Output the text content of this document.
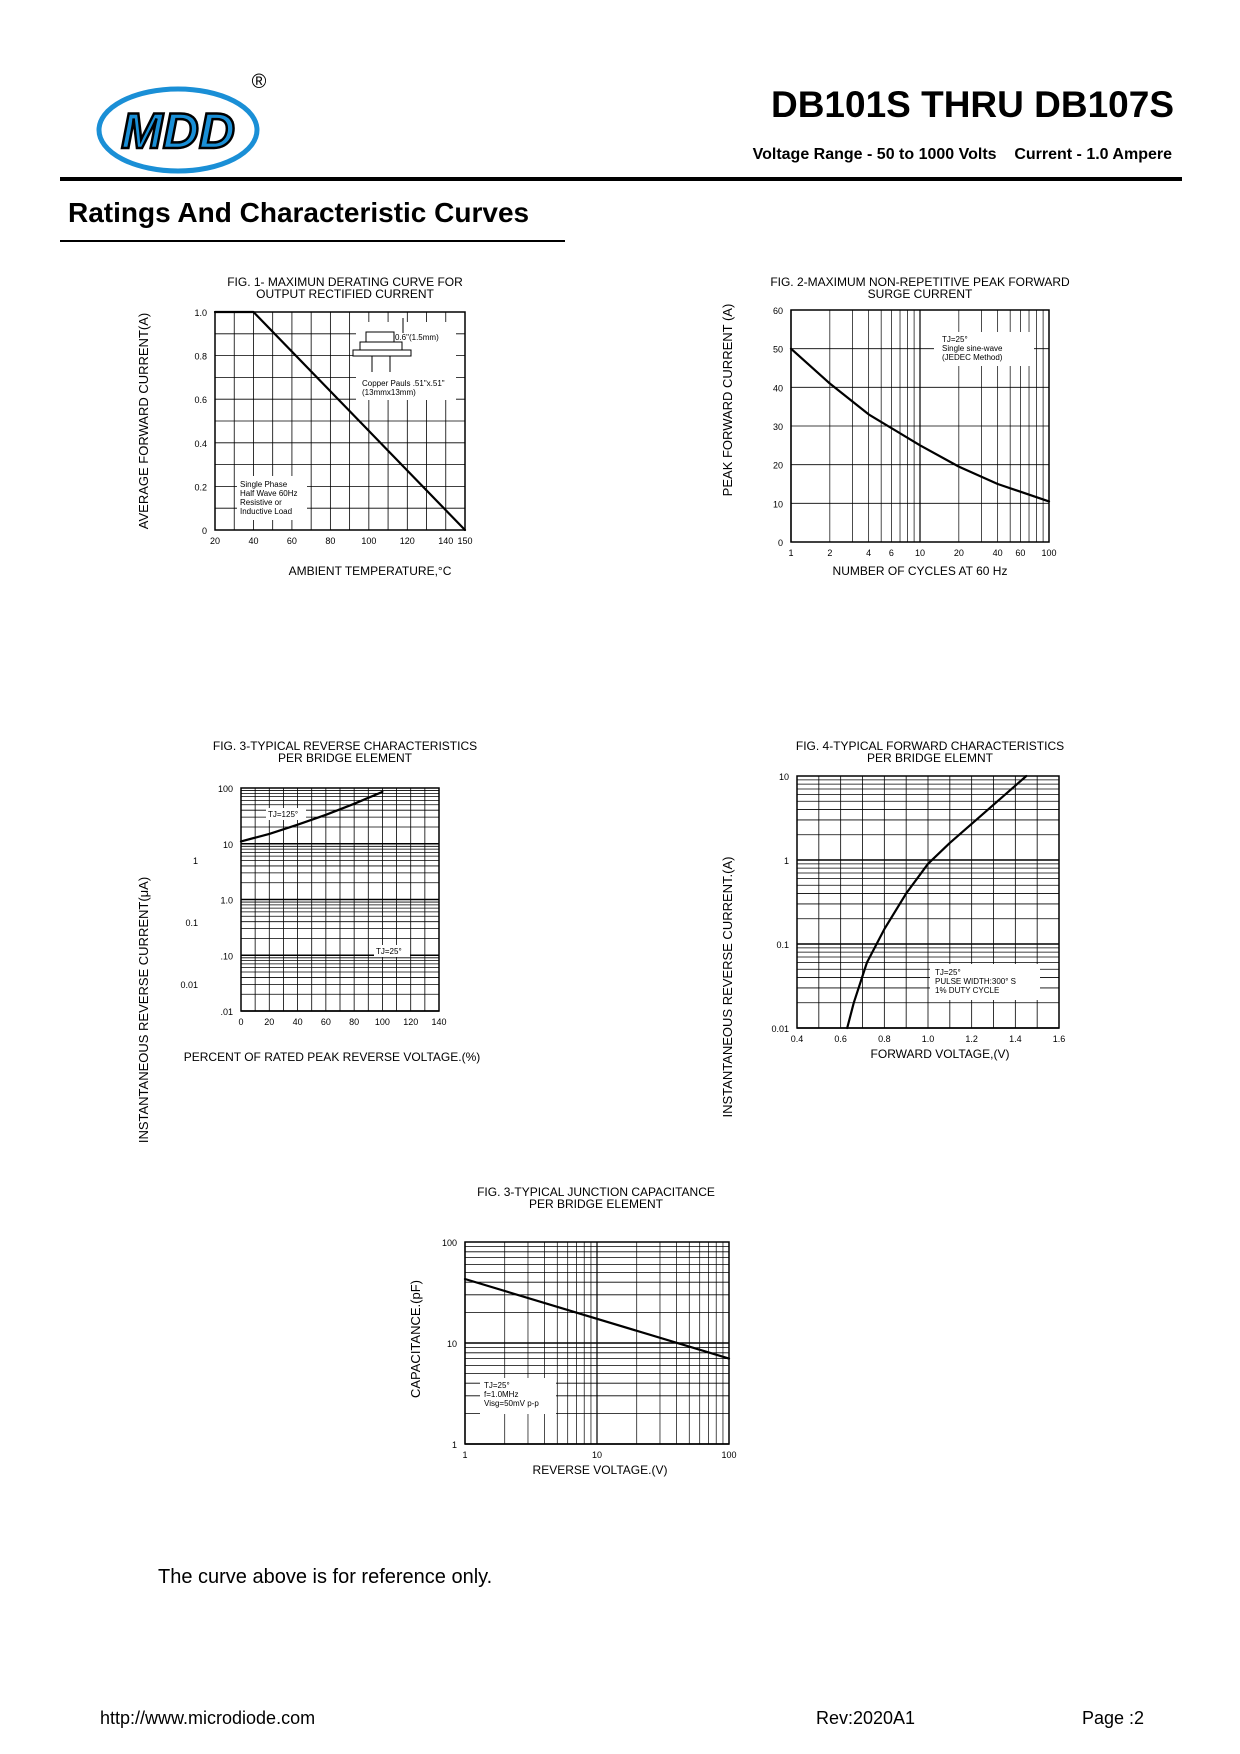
MDD
®
DB101S THRU DB107S
Voltage Range - 50 to 1000 Volts Current - 1.0 Ampere
Ratings And Characteristic Curves
FIG. 1- MAXIMUN DERATING CURVE FOR
OUTPUT RECTIFIED CURRENT
AMBIENT TEMPERATURE,°C
AVERAGE FORWARD CURRENT(A)
20	40	60	80	100	120	140 150
0
0.2
0.4
0.6
0.8
1.0
Single Phase
Half Wave 60Hz
Resistive or
Inductive Load
0.6"(1.5mm)
Copper Pauls .51"x.51"
(13mmx13mm)
FIG. 2-MAXIMUM NON-REPETITIVE PEAK FORWARD
SURGE CURRENT
NUMBER OF CYCLES AT 60 Hz
PEAK FORWARD CURRENT (A)
1	2	4 6 10	20	40 60 100
0
10
20
30
40
50
60
TJ=25°
Single sine-wave
(JEDEC Method)
FIG. 3-TYPICAL REVERSE CHARACTERISTICS
PER BRIDGE ELEMENT
PERCENT OF RATED PEAK REVERSE VOLTAGE.(%)
INSTANTANEOUS REVERSE CURRENT(μA)	0 20 40 60 80 100 120 140
.01
.10
1.0
10
100
1
0.1
0.01
TJ=125°
TJ=25°
FIG. 4-TYPICAL FORWARD CHARACTERISTICS
PER BRIDGE ELEMNT
FORWARD VOLTAGE,(V)
INSTANTANEOUS REVERSE CURRENT.(A)	0.4	0.6	0.8	1.0	1.2	1.4	1.6
0.01
0.1
1
10
TJ=25°
PULSE WIDTH:300° S
1% DUTY CYCLE
FIG. 3-TYPICAL JUNCTION CAPACITANCE
PER BRIDGE ELEMENT
REVERSE VOLTAGE.(V)
CAPACITANCE.(pF)
1	10	100
1
10
100
TJ=25°
f=1.0MHz
Visg=50mV p-p
The curve above is for reference only.
http://www.microdiode.com	Rev:2020A1	Page :2
